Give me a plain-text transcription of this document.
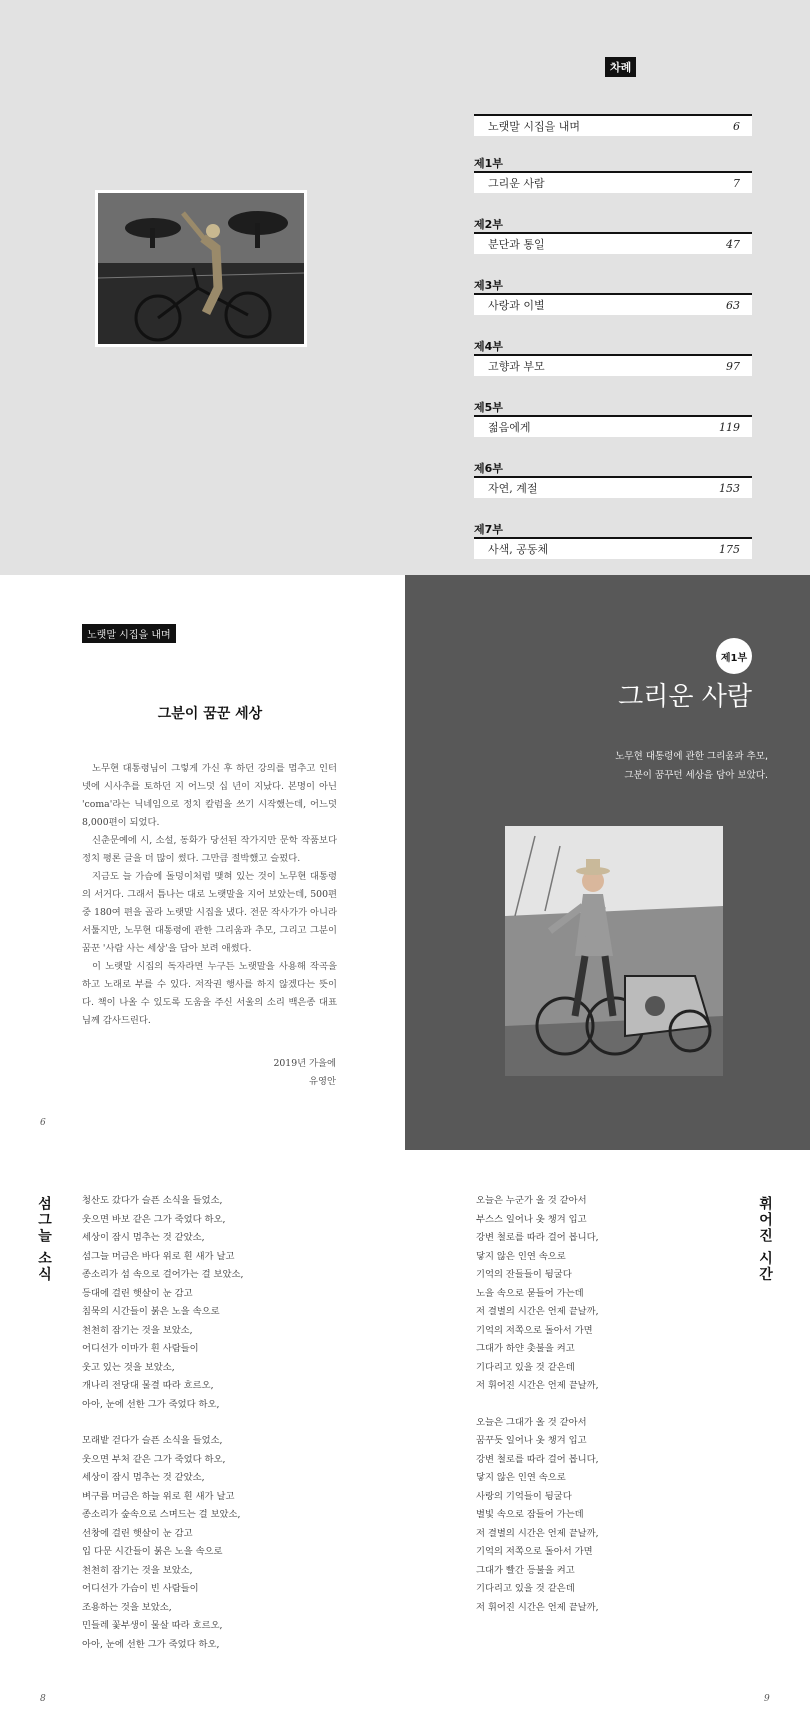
차례
노랫말 시집을 내며	6
제1부
그리운 사람	7
제2부
분단과 통일	47
제3부
사랑과 이별	63
제4부
고향과 부모	97
제5부
젊음에게	119
제6부
자연, 계절	153
제7부
사색, 공동체	175
노랫말 시집을 내며
그분이 꿈꾼 세상

노무현 대통령님이 그렇게 가신 후 하던 강의를 멈추고 인터넷에 시사추를 토하던 지 어느덧 십 년이 지났다. 본명이 아닌 'coma'라는 닉네임으로 정치 칼럼을 쓰기 시작했는데, 어느덧 8,000편이 되었다.

신춘문예에 시, 소설, 동화가 당선된 작가지만 문학 작품보다 정치 평론 글을 더 많이 썼다. 그만큼 절박했고 슬펐다.

지금도 늘 가슴에 돌덩이처럼 맺혀 있는 것이 노무현 대통령의 서거다. 그래서 틈나는 대로 노랫말을 지어 보았는데, 500편 중 180여 편을 골라 노랫말 시집을 냈다. 전문 작사가가 아니라 서툴지만, 노무현 대통령에 관한 그리움과 추모, 그리고 그분이 꿈꾼 '사람 사는 세상'을 담아 보려 애썼다.

이 노랫말 시집의 독자라면 누구든 노랫말을 사용해 작곡을 하고 노래로 부를 수 있다. 저작권 행사를 하지 않겠다는 뜻이다. 책이 나올 수 있도록 도움을 주신 서울의 소리 백은종 대표님께 감사드린다.

2019년 가을에
유영안
6
제1부
그리운 사람
노무현 대통령에 관한 그리움과 추모,
그분이 꿈꾸던 세상을 담아 보았다.
섬그늘 소식	청산도 갔다가 슬픈 소식을 들었소,
웃으면 바보 같은 그가 죽었다 하오,
세상이 잠시 멈추는 것 같았소,
섬그늘 머금은 바다 위로 흰 새가 날고
종소리가 섬 속으로 걸어가는 걸 보았소,
등대에 걸린 햇살이 눈 감고
침묵의 시간들이 붉은 노을 속으로
천천히 잠기는 것을 보았소,
어디선가 이마가 흰 사람들이
웃고 있는 것을 보았소,
개나리 전당대 물결 따라 흐르오,
아아, 눈에 선한 그가 죽었다 하오,
모래밭 걷다가 슬픈 소식을 들었소,
웃으면 부처 같은 그가 죽었다 하오,
세상이 잠시 멈추는 것 같았소,
벼구름 머금은 하늘 위로 흰 새가 날고
종소리가 숲속으로 스며드는 걸 보았소,
선창에 걸린 햇살이 눈 감고
입 다문 시간들이 붉은 노을 속으로
천천히 잠기는 것을 보았소,
어디선가 가슴이 빈 사람들이
조용하는 것을 보았소,
민들레 꽃부생이 물살 따라 흐르오,
아아, 눈에 선한 그가 죽었다 하오,
8
휘어진 시간
오늘은 누군가 올 것 같아서
부스스 일어나 옷 챙겨 입고
강변 철로를 따라 걸어 봅니다,
닿지 않은 인연 속으로
기억의 잔들들이 뒹굴다
노을 속으로 묻들어 가는데
저 결별의 시간은 언제 끝날까,
기억의 저쪽으로 돌아서 가면
그대가 하얀 촛불을 켜고
기다리고 있을 것 같은데
저 휘어진 시간은 언제 끝날까,
오늘은 그대가 올 것 같아서
꿈꾸듯 일어나 옷 챙겨 입고
강변 철로를 따라 걸어 봅니다,
닿지 않은 인연 속으로
사랑의 기억들이 뒹굴다
별빛 속으로 잠들어 가는데
저 결별의 시간은 언제 끝날까,
기억의 저쪽으로 돌아서 가면
그대가 빨간 등불을 켜고
기다리고 있을 것 같은데
저 휘어진 시간은 언제 끝날까,
9
